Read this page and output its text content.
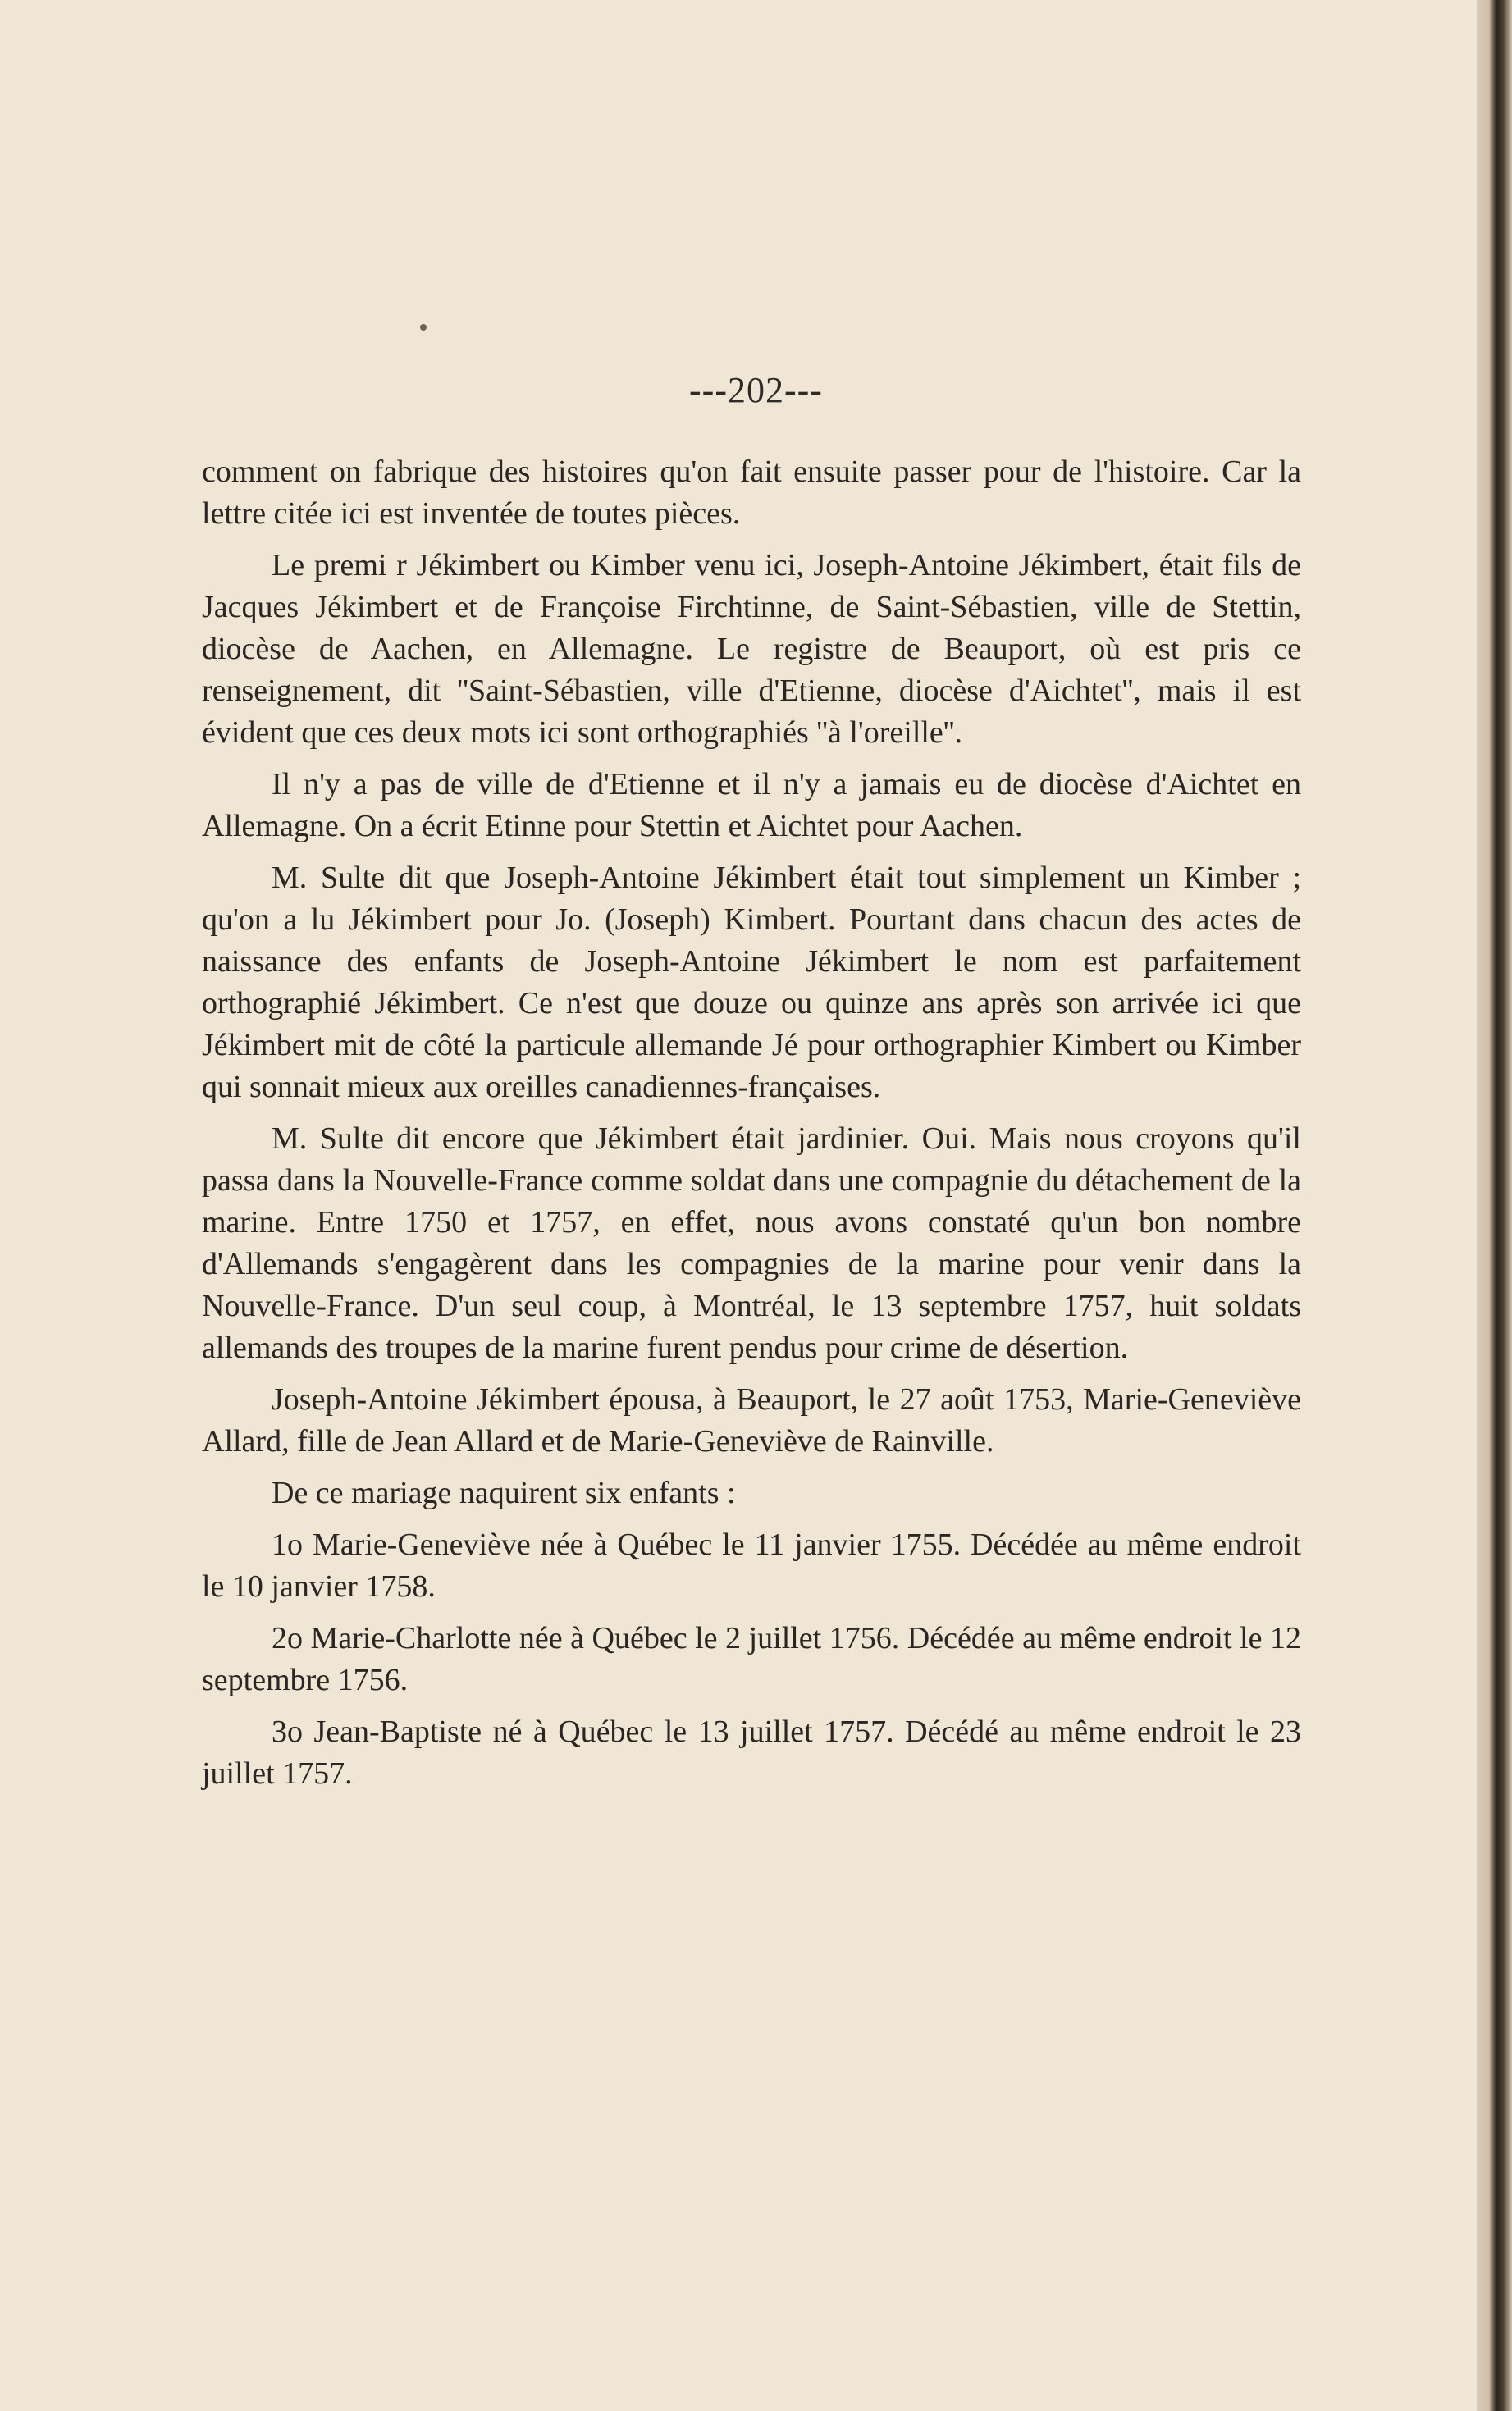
---202---

comment on fabrique des histoires qu'on fait ensuite passer pour de l'histoire. Car la lettre citée ici est inventée de toutes pièces.

Le premi r Jékimbert ou Kimber venu ici, Joseph-Antoine Jékimbert, était fils de Jacques Jékimbert et de Françoise Firchtinne, de Saint-Sébastien, ville de Stettin, diocèse de Aachen, en Allemagne. Le registre de Beauport, où est pris ce renseignement, dit ''Saint-Sébastien, ville d'Etienne, diocèse d'Aichtet'', mais il est évident que ces deux mots ici sont orthographiés ''à l'oreille''.

Il n'y a pas de ville de d'Etienne et il n'y a jamais eu de diocèse d'Aichtet en Allemagne. On a écrit Etinne pour Stettin et Aichtet pour Aachen.

M. Sulte dit que Joseph-Antoine Jékimbert était tout simplement un Kimber ; qu'on a lu Jékimbert pour Jo. (Joseph) Kimbert. Pourtant dans chacun des actes de naissance des enfants de Joseph-Antoine Jékimbert le nom est parfaitement orthographié Jékimbert. Ce n'est que douze ou quinze ans après son arrivée ici que Jékimbert mit de côté la particule allemande Jé pour orthographier Kimbert ou Kimber qui sonnait mieux aux oreilles canadiennes-françaises.

M. Sulte dit encore que Jékimbert était jardinier. Oui. Mais nous croyons qu'il passa dans la Nouvelle-France comme soldat dans une compagnie du détachement de la marine. Entre 1750 et 1757, en effet, nous avons constaté qu'un bon nombre d'Allemands s'engagèrent dans les compagnies de la marine pour venir dans la Nouvelle-France. D'un seul coup, à Montréal, le 13 septembre 1757, huit soldats allemands des troupes de la marine furent pendus pour crime de désertion.

Joseph-Antoine Jékimbert épousa, à Beauport, le 27 août 1753, Marie-Geneviève Allard, fille de Jean Allard et de Marie-Geneviève de Rainville.

De ce mariage naquirent six enfants :

1o Marie-Geneviève née à Québec le 11 janvier 1755. Décédée au même endroit le 10 janvier 1758.

2o Marie-Charlotte née à Québec le 2 juillet 1756. Décédée au même endroit le 12 septembre 1756.

3o Jean-Baptiste né à Québec le 13 juillet 1757. Décédé au même endroit le 23 juillet 1757.
